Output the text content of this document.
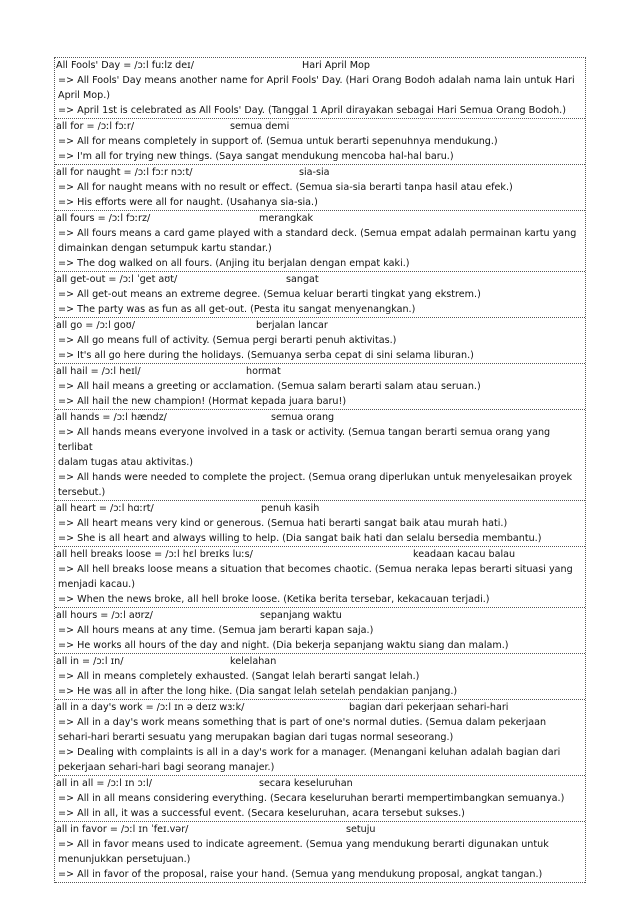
All Fools' Day = /ɔːl fuːlz deɪ/	Hari April Mop
=> All Fools' Day means another name for April Fools' Day. (Hari Orang Bodoh adalah nama lain untuk Hari
April Mop.)
=> April 1st is celebrated as All Fools' Day. (Tanggal 1 April dirayakan sebagai Hari Semua Orang Bodoh.)
all for = /ɔːl fɔːr/	semua demi
=> All for means completely in support of. (Semua untuk berarti sepenuhnya mendukung.)
=> I'm all for trying new things. (Saya sangat mendukung mencoba hal-hal baru.)
all for naught = /ɔːl fɔːr nɔːt/	sia-sia
=> All for naught means with no result or effect. (Semua sia-sia berarti tanpa hasil atau efek.)
=> His efforts were all for naught. (Usahanya sia-sia.)
all fours = /ɔːl fɔːrz/	merangkak
=> All fours means a card game played with a standard deck. (Semua empat adalah permainan kartu yang
dimainkan dengan setumpuk kartu standar.)
=> The dog walked on all fours. (Anjing itu berjalan dengan empat kaki.)
all get-out = /ɔːl ˈɡet aʊt/	sangat
=> All get-out means an extreme degree. (Semua keluar berarti tingkat yang ekstrem.)
=> The party was as fun as all get-out. (Pesta itu sangat menyenangkan.)
all go = /ɔːl ɡoʊ/	berjalan lancar
=> All go means full of activity. (Semua pergi berarti penuh aktivitas.)
=> It's all go here during the holidays. (Semuanya serba cepat di sini selama liburan.)
all hail = /ɔːl heɪl/	hormat
=> All hail means a greeting or acclamation. (Semua salam berarti salam atau seruan.)
=> All hail the new champion! (Hormat kepada juara baru!)
all hands = /ɔːl hændz/	semua orang
=> All hands means everyone involved in a task or activity. (Semua tangan berarti semua orang yang terlibat
dalam tugas atau aktivitas.)
=> All hands were needed to complete the project. (Semua orang diperlukan untuk menyelesaikan proyek
tersebut.)
all heart = /ɔːl hɑːrt/	penuh kasih
=> All heart means very kind or generous. (Semua hati berarti sangat baik atau murah hati.)
=> She is all heart and always willing to help. (Dia sangat baik hati dan selalu bersedia membantu.)
all hell breaks loose = /ɔːl hɛl breɪks luːs/	keadaan kacau balau
=> All hell breaks loose means a situation that becomes chaotic. (Semua neraka lepas berarti situasi yang
menjadi kacau.)
=> When the news broke, all hell broke loose. (Ketika berita tersebar, kekacauan terjadi.)
all hours = /ɔːl aʊrz/	sepanjang waktu
=> All hours means at any time. (Semua jam berarti kapan saja.)
=> He works all hours of the day and night. (Dia bekerja sepanjang waktu siang dan malam.)
all in = /ɔːl ɪn/	kelelahan
=> All in means completely exhausted. (Sangat lelah berarti sangat lelah.)
=> He was all in after the long hike. (Dia sangat lelah setelah pendakian panjang.)
all in a day's work = /ɔːl ɪn ə deɪz wɜːk/	bagian dari pekerjaan sehari-hari
=> All in a day's work means something that is part of one's normal duties. (Semua dalam pekerjaan
sehari-hari berarti sesuatu yang merupakan bagian dari tugas normal seseorang.)
=> Dealing with complaints is all in a day's work for a manager. (Menangani keluhan adalah bagian dari
pekerjaan sehari-hari bagi seorang manajer.)
all in all = /ɔːl ɪn ɔːl/	secara keseluruhan
=> All in all means considering everything. (Secara keseluruhan berarti mempertimbangkan semuanya.)
=> All in all, it was a successful event. (Secara keseluruhan, acara tersebut sukses.)
all in favor = /ɔːl ɪn ˈfeɪ.vər/	setuju
=> All in favor means used to indicate agreement. (Semua yang mendukung berarti digunakan untuk
menunjukkan persetujuan.)
=> All in favor of the proposal, raise your hand. (Semua yang mendukung proposal, angkat tangan.)
